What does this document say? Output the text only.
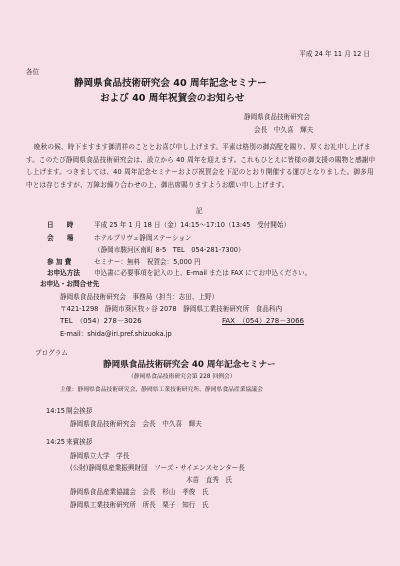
平成 24 年 11 月 12 日
各位
静岡県食品技術研究会 40 周年記念セミナー
および 40 周年祝賀会のお知らせ
静岡県食品技術研究会
会長　中久喜　輝夫
晩秋の候、時下ますます御清祥のこととお喜び申し上げます。平素は格別の御高配を賜り、厚くお礼申し上げます。このたび静岡県食品技術研究会は、設立から 40 周年を迎えます。これもひとえに皆様の御支援の賜物と感謝申し上げます。つきましては、40 周年記念セミナーおよび祝賀会を下記のとおり開催する運びとなりました。御多用中とは存じますが、万障お繰り合わせの上、御出席賜りますようお願い申し上げます。
記
日　　時	平成 25 年 1 月 18 日（金）14:15～17:10（13:45　受付開始）
会　　場	ホテルプリヴェ静岡ステーション
（静岡市駿河区南町 8-5　TEL　054-281-7300）
参 加 費	セミナー：無料　祝賀会：5,000 円
お申込方法	申込書に必要事項を記入の上、E-mail または FAX にてお申込ください。
お申込・お問合せ先
静岡県食品技術研究会　事務局（担当：志田、上野）
〒421-1298　静岡市葵区牧ヶ谷 2078　静岡県工業技術研究所　食品科内
TEL　（054）278－3026	FAX　（054）278－3066
E-mail：shida@iri.pref.shizuoka.jp
プログラム
静岡県食品技術研究会 40 周年記念セミナー
（静岡県食品技術研究会第 228 回例会）
主催：静岡県食品技術研究会、静岡県工業技術研究所、静岡県食品産業協議会
14:15 開会挨拶
静岡県食品技術研究会　会長　中久喜　輝夫
14:25 来賓挨拶
静岡県立大学　学長
(公財)静岡県産業振興財団　フーズ・サイエンスセンター長
木苗　直秀　氏
静岡県食品産業協議会　会長　杉山　孝俊　氏
静岡県工業技術研究所　所長　栗子　知行　氏
